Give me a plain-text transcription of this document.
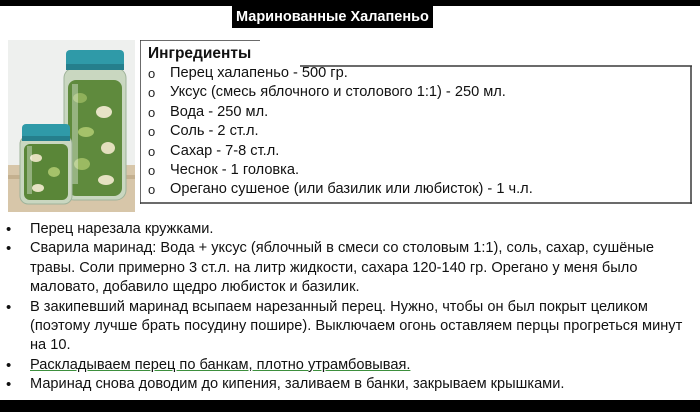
Маринованные Халапеньо
Ингредиенты
o Перец халапеньо - 500 гр.
o Уксус (смесь яблочного и столового 1:1) - 250 мл.
o Вода - 250 мл.
o Соль - 2 ст.л.
o Сахар - 7-8 ст.л.
o Чеснок - 1 головка.
o Орегано сушеное (или базилик или любисток) - 1 ч.л.
• Перец нарезала кружками.
• Сварила маринад: Вода + уксус (яблочный в смеси со столовым 1:1), соль, сахар, сушёные травы. Соли примерно 3 ст.л. на литр жидкости, сахара 120-140 гр. Орегано у меня было маловато, добавило щедро любисток и базилик.
• В закипевший маринад всыпаем нарезанный перец. Нужно, чтобы он был покрыт целиком (поэтому лучше брать посудину пошире). Выключаем огонь оставляем перцы прогреться минут на 10.
• Раскладываем перец по банкам, плотно утрамбовывая.
• Маринад снова доводим до кипения, заливаем в банки, закрываем крышками.
